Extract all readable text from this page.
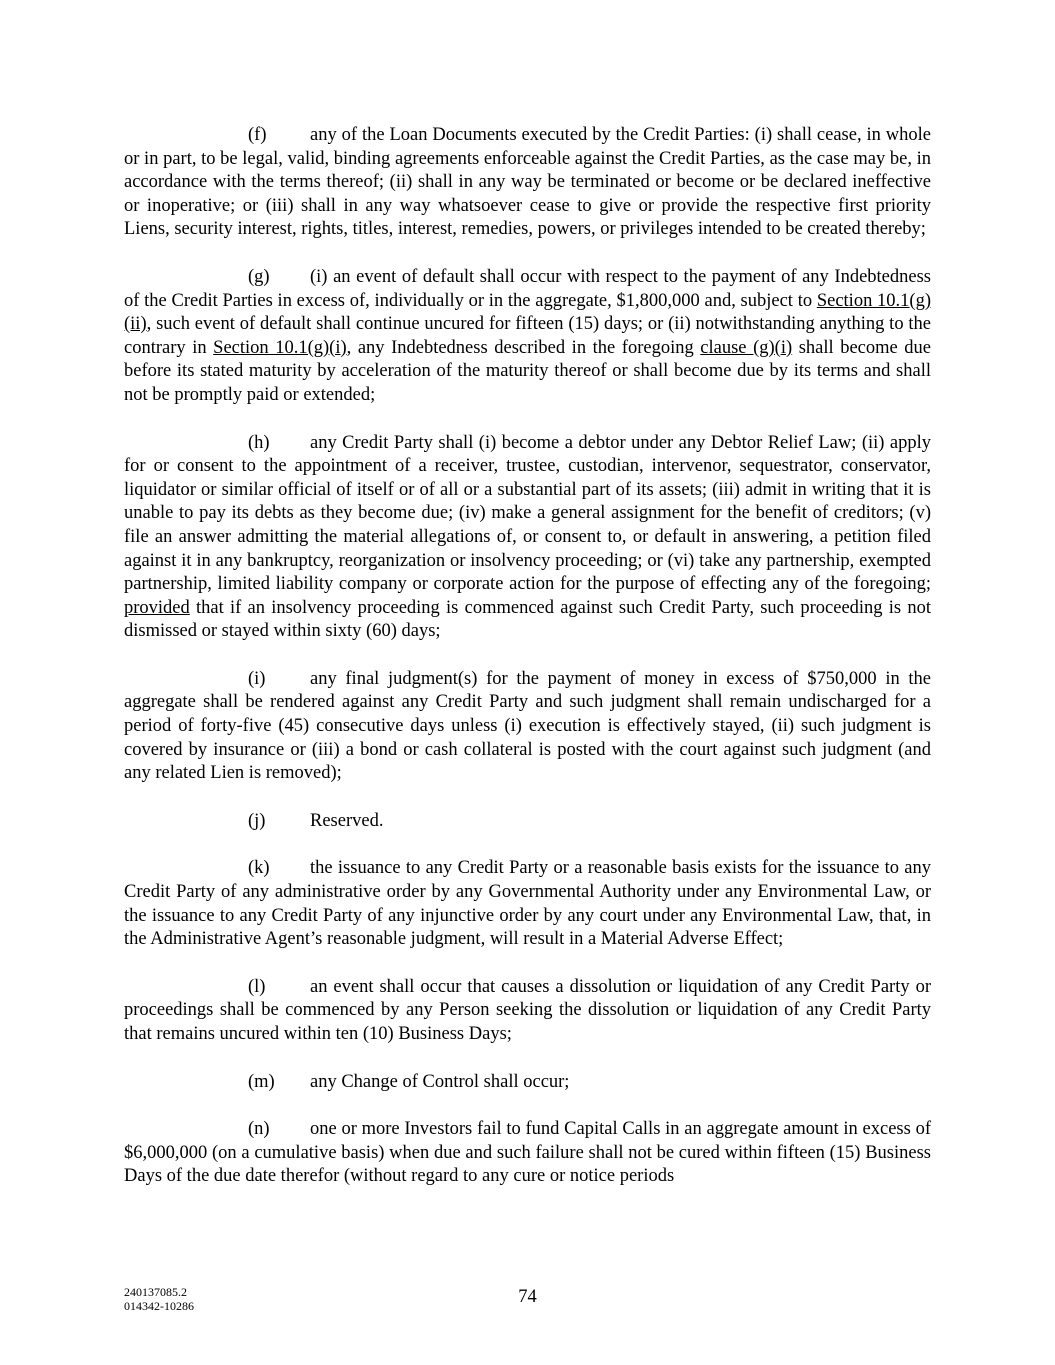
(f) any of the Loan Documents executed by the Credit Parties: (i) shall cease, in whole or in part, to be legal, valid, binding agreements enforceable against the Credit Parties, as the case may be, in accordance with the terms thereof; (ii) shall in any way be terminated or become or be declared ineffective or inoperative; or (iii) shall in any way whatsoever cease to give or provide the respective first priority Liens, security interest, rights, titles, interest, remedies, powers, or privileges intended to be created thereby;

(g) (i) an event of default shall occur with respect to the payment of any Indebtedness of the Credit Parties in excess of, individually or in the aggregate, $1,800,000 and, subject to Section 10.1(g)(ii), such event of default shall continue uncured for fifteen (15) days; or (ii) notwithstanding anything to the contrary in Section 10.1(g)(i), any Indebtedness described in the foregoing clause (g)(i) shall become due before its stated maturity by acceleration of the maturity thereof or shall become due by its terms and shall not be promptly paid or extended;

(h) any Credit Party shall (i) become a debtor under any Debtor Relief Law; (ii) apply for or consent to the appointment of a receiver, trustee, custodian, intervenor, sequestrator, conservator, liquidator or similar official of itself or of all or a substantial part of its assets; (iii) admit in writing that it is unable to pay its debts as they become due; (iv) make a general assignment for the benefit of creditors; (v) file an answer admitting the material allegations of, or consent to, or default in answering, a petition filed against it in any bankruptcy, reorganization or insolvency proceeding; or (vi) take any partnership, exempted partnership, limited liability company or corporate action for the purpose of effecting any of the foregoing; provided that if an insolvency proceeding is commenced against such Credit Party, such proceeding is not dismissed or stayed within sixty (60) days;

(i) any final judgment(s) for the payment of money in excess of $750,000 in the aggregate shall be rendered against any Credit Party and such judgment shall remain undischarged for a period of forty-five (45) consecutive days unless (i) execution is effectively stayed, (ii) such judgment is covered by insurance or (iii) a bond or cash collateral is posted with the court against such judgment (and any related Lien is removed);

(j) Reserved.

(k) the issuance to any Credit Party or a reasonable basis exists for the issuance to any Credit Party of any administrative order by any Governmental Authority under any Environmental Law, or the issuance to any Credit Party of any injunctive order by any court under any Environmental Law, that, in the Administrative Agent’s reasonable judgment, will result in a Material Adverse Effect;

(l) an event shall occur that causes a dissolution or liquidation of any Credit Party or proceedings shall be commenced by any Person seeking the dissolution or liquidation of any Credit Party that remains uncured within ten (10) Business Days;

(m) any Change of Control shall occur;

(n) one or more Investors fail to fund Capital Calls in an aggregate amount in excess of $6,000,000 (on a cumulative basis) when due and such failure shall not be cured within fifteen (15) Business Days of the due date therefor (without regard to any cure or notice periods

240137085.2
014342-10286	74
